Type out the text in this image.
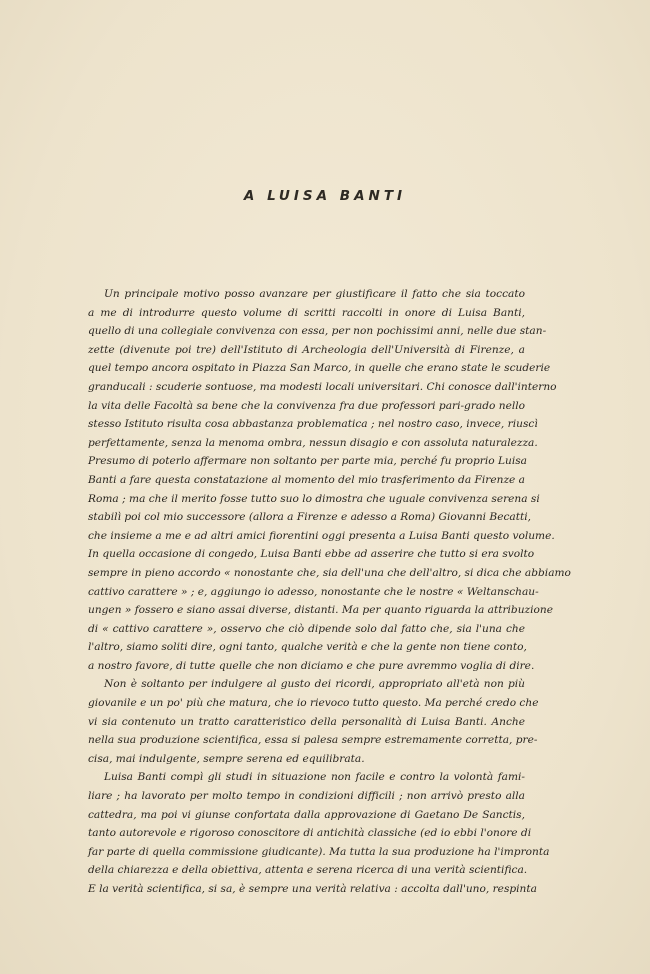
A LUISA BANTI
Un principale motivo posso avanzare per giustificare il fatto che sia toccato
a me di introdurre questo volume di scritti raccolti in onore di Luisa Banti,
quello di una collegiale convivenza con essa, per non pochissimi anni, nelle due stan-
zette (divenute poi tre) dell'Istituto di Archeologia dell'Università di Firenze, a
quel tempo ancora ospitato in Piazza San Marco, in quelle che erano state le scuderie
granducali : scuderie sontuose, ma modesti locali universitari. Chi conosce dall'interno
la vita delle Facoltà sa bene che la convivenza fra due professori pari-grado nello
stesso Istituto risulta cosa abbastanza problematica ; nel nostro caso, invece, riuscì
perfettamente, senza la menoma ombra, nessun disagio e con assoluta naturalezza.
Presumo di poterlo affermare non soltanto per parte mia, perché fu proprio Luisa
Banti a fare questa constatazione al momento del mio trasferimento da Firenze a
Roma ; ma che il merito fosse tutto suo lo dimostra che uguale convivenza serena si
stabilì poi col mio successore (allora a Firenze e adesso a Roma) Giovanni Becatti,
che insieme a me e ad altri amici fiorentini oggi presenta a Luisa Banti questo volume.
In quella occasione di congedo, Luisa Banti ebbe ad asserire che tutto si era svolto
sempre in pieno accordo « nonostante che, sia dell'una che dell'altro, si dica che abbiamo
cattivo carattere » ; e, aggiungo io adesso, nonostante che le nostre « Weltanschau-
ungen » fossero e siano assai diverse, distanti. Ma per quanto riguarda la attribuzione
di « cattivo carattere », osservo che ciò dipende solo dal fatto che, sia l'una che
l'altro, siamo soliti dire, ogni tanto, qualche verità e che la gente non tiene conto,
a nostro favore, di tutte quelle che non diciamo e che pure avremmo voglia di dire.
Non è soltanto per indulgere al gusto dei ricordi, appropriato all'età non più
giovanile e un po' più che matura, che io rievoco tutto questo. Ma perché credo che
vi sia contenuto un tratto caratteristico della personalità di Luisa Banti. Anche
nella sua produzione scientifica, essa si palesa sempre estremamente corretta, pre-
cisa, mai indulgente, sempre serena ed equilibrata.
Luisa Banti compì gli studi in situazione non facile e contro la volontà fami-
liare ; ha lavorato per molto tempo in condizioni difficili ; non arrivò presto alla
cattedra, ma poi vi giunse confortata dalla approvazione di Gaetano De Sanctis,
tanto autorevole e rigoroso conoscitore di antichità classiche (ed io ebbi l'onore di
far parte di quella commissione giudicante). Ma tutta la sua produzione ha l'impronta
della chiarezza e della obiettiva, attenta e serena ricerca di una verità scientifica.
E la verità scientifica, si sa, è sempre una verità relativa : accolta dall'uno, respinta
